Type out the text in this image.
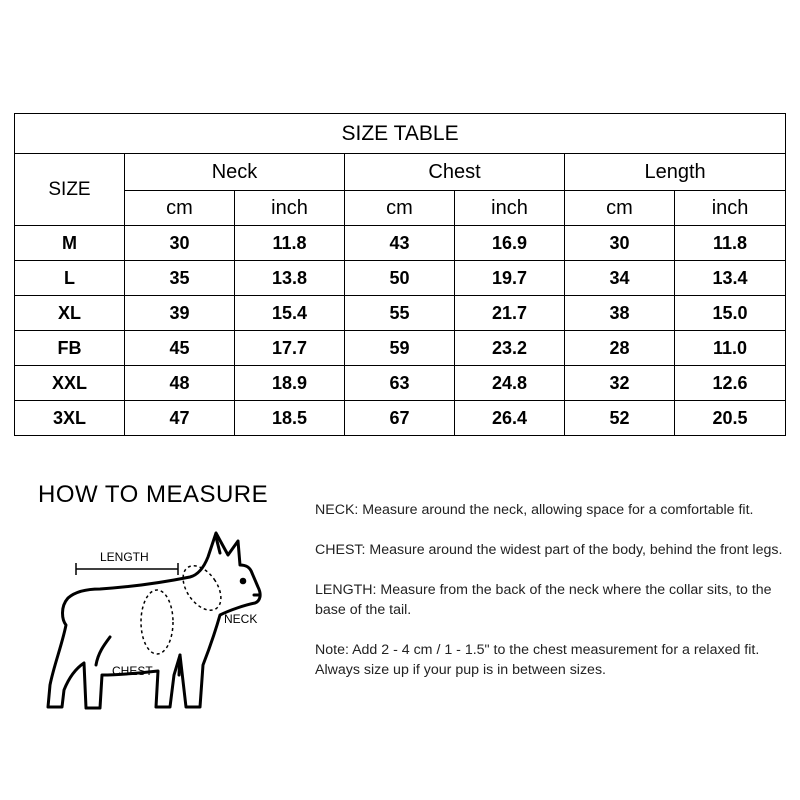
SIZE TABLE						
SIZE	Neck		Chest		Length	
	cm	inch	cm	inch	cm	inch
M	30	11.8	43	16.9	30	11.8
L	35	13.8	50	19.7	34	13.4
XL	39	15.4	55	21.7	38	15.0
FB	45	17.7	59	23.2	28	11.0
XXL	48	18.9	63	24.8	32	12.6
3XL	47	18.5	67	26.4	52	20.5
HOW TO MEASURE
LENGTH
NECK
CHEST

NECK: Measure around the neck, allowing space for a comfortable fit.

CHEST: Measure around the widest part of the body, behind the front legs.

LENGTH: Measure from the back of the neck where the collar sits, to the base of the tail.

Note: Add 2 - 4 cm / 1 - 1.5" to the chest measurement for a relaxed fit. Always size up if your pup is in between sizes.
